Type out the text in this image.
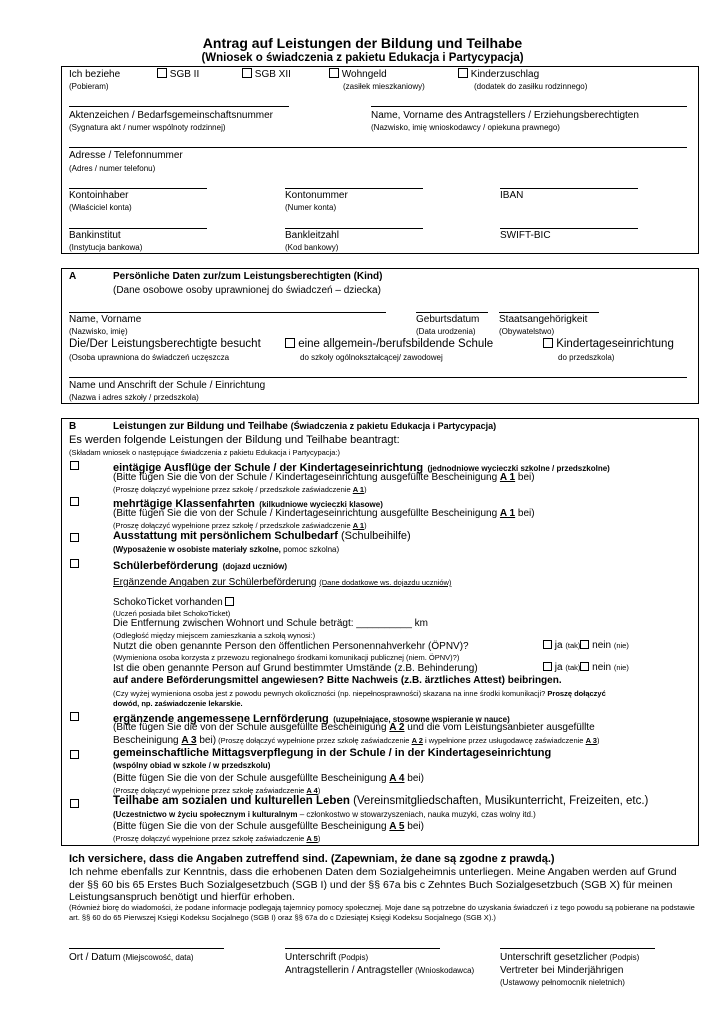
Antrag auf Leistungen der Bildung und Teilhabe
(Wniosek o świadczenia z pakietu Edukacja i Partycypacja)
Ich beziehe
(Pobieram)
SGB II	SGB XII	Wohngeld
(zasiłek mieszkaniowy)
Kinderzuschlag
(dodatek do zasiłku rodzinnego)
Aktenzeichen / Bedarfsgemeinschaftsnummer
(Sygnatura akt / numer wspólnoty rodzinnej)
Name, Vorname des Antragstellers / Erziehungsberechtigten
(Nazwisko, imię wnioskodawcy / opiekuna prawnego)
Adresse / Telefonnummer
(Adres / numer telefonu)
Kontoinhaber
(Właściciel konta)
Kontonummer
(Numer konta)
IBAN
Bankinstitut
(Instytucja bankowa)
Bankleitzahl
(Kod bankowy)
SWIFT-BIC
A	Persönliche Daten zur/zum Leistungsberechtigten (Kind)
(Dane osobowe osoby uprawnionej do świadczeń – dziecka)
Name, Vorname
(Nazwisko, imię)
Geburtsdatum
(Data urodzenia)
Staatsangehörigkeit
(Obywatelstwo)
Die/Der Leistungsberechtigte besucht
(Osoba uprawniona do świadczeń uczęszcza
eine allgemein-/berufsbildende Schule
do szkoły ogólnokształcącej/ zawodowej
Kindertageseinrichtung
do przedszkola)
Name und Anschrift der Schule / Einrichtung
(Nazwa i adres szkoły / przedszkola)
B	Leistungen zur Bildung und Teilhabe (Świadczenia z pakietu Edukacja i Partycypacja)
Es werden folgende Leistungen der Bildung und Teilhabe beantragt:
(Składam wniosek o następujące świadczenia z pakietu Edukacja i Partycypacja:)
eintägige Ausflüge der Schule / der Kindertageseinrichtung (jednodniowe wycieczki szkolne / przedszkolne)
(Bitte fügen Sie die von der Schule / Kindertageseinrichtung ausgefüllte Bescheinigung A 1 bei)
(Proszę dołączyć wypełnione przez szkołę / przedszkole zaświadczenie A 1)
mehrtägige Klassenfahrten (kilkudniowe wycieczki klasowe)
(Bitte fügen Sie die von der Schule / Kindertageseinrichtung ausgefüllte Bescheinigung A 1 bei)
(Proszę dołączyć wypełnione przez szkołę / przedszkole zaświadczenie A 1)
Ausstattung mit persönlichem Schulbedarf (Schulbeihilfe)
(Wyposażenie w osobiste materiały szkolne, pomoc szkolna)
Schülerbeförderung (dojazd uczniów)
Ergänzende Angaben zur Schülerbeförderung (Dane dodatkowe ws. dojazdu uczniów)
SchokoTicket vorhanden
(Uczeń posiada bilet SchokoTicket)
Die Entfernung zwischen Wohnort und Schule beträgt: __________ km
(Odległość między miejscem zamieszkania a szkołą wynosi:)
Nutzt die oben genannte Person den öffentlichen Personennahverkehr (ÖPNV)?
(Wymieniona osoba korzysta z przewozu regionalnego środkami komunikacji publicznej (niem. ÖPNV)?)
ja (tak) nein (nie)
Ist die oben genannte Person auf Grund bestimmter Umstände (z.B. Behinderung)	ja (tak) nein (nie)
auf andere Beförderungsmittel angewiesen? Bitte Nachweis (z.B. ärztliches Attest) beibringen.
(Czy wyżej wymieniona osoba jest z powodu pewnych okoliczności (np. niepełnosprawności) skazana na inne środki komunikacji? Proszę dołączyć
dowód, np. zaświadczenie lekarskie.
ergänzende angemessene Lernförderung (uzupełniające, stosowne wspieranie w nauce)
(Bitte fügen Sie die von der Schule ausgefüllte Bescheinigung A 2 und die vom Leistungsanbieter ausgefüllte
Bescheinigung A 3 bei) (Proszę dołączyć wypełnione przez szkołę zaświadczenie A 2 i wypełnione przez usługodawcę zaświadczenie A 3)
gemeinschaftliche Mittagsverpflegung in der Schule / in der Kindertageseinrichtung
(wspólny obiad w szkole / w przedszkolu)
(Bitte fügen Sie die von der Schule ausgefüllte Bescheinigung A 4 bei)
(Proszę dołączyć wypełnione przez szkołę zaświadczenie A 4)
Teilhabe am sozialen und kulturellen Leben (Vereinsmitgliedschaften, Musikunterricht, Freizeiten, etc.)
(Uczestnictwo w życiu społecznym i kulturalnym – członkostwo w stowarzyszeniach, nauka muzyki, czas wolny itd.)
(Bitte fügen Sie die von der Schule ausgefüllte Bescheinigung A 5 bei)
(Proszę dołączyć wypełnione przez szkołę zaświadczenie A 5)
Ich versichere, dass die Angaben zutreffend sind. (Zapewniam, że dane są zgodne z prawdą.)
Ich nehme ebenfalls zur Kenntnis, dass die erhobenen Daten dem Sozialgeheimnis unterliegen. Meine Angaben werden auf Grund der §§ 60 bis 65 Erstes Buch Sozialgesetzbuch (SGB I) und der §§ 67a bis c Zehntes Buch Sozialgesetzbuch (SGB X) für meinen Leistungsanspruch benötigt und hierfür erhoben.
(Również biorę do wiadomości, że podane informacje podlegają tajemnicy pomocy społecznej. Moje dane są potrzebne do uzyskania świadczeń i z tego powodu są pobierane na podstawie art. §§ 60 do 65 Pierwszej Księgi Kodeksu Socjalnego (SGB I) oraz §§ 67a do c Dziesiątej Księgi Kodeksu Socjalnego (SGB X).)
Ort / Datum (Miejscowość, data)	Unterschrift (Podpis)
Antragstellerin / Antragsteller (Wnioskodawca)
Unterschrift gesetzlicher (Podpis)
Vertreter bei Minderjährigen
(Ustawowy pełnomocnik nieletnich)
